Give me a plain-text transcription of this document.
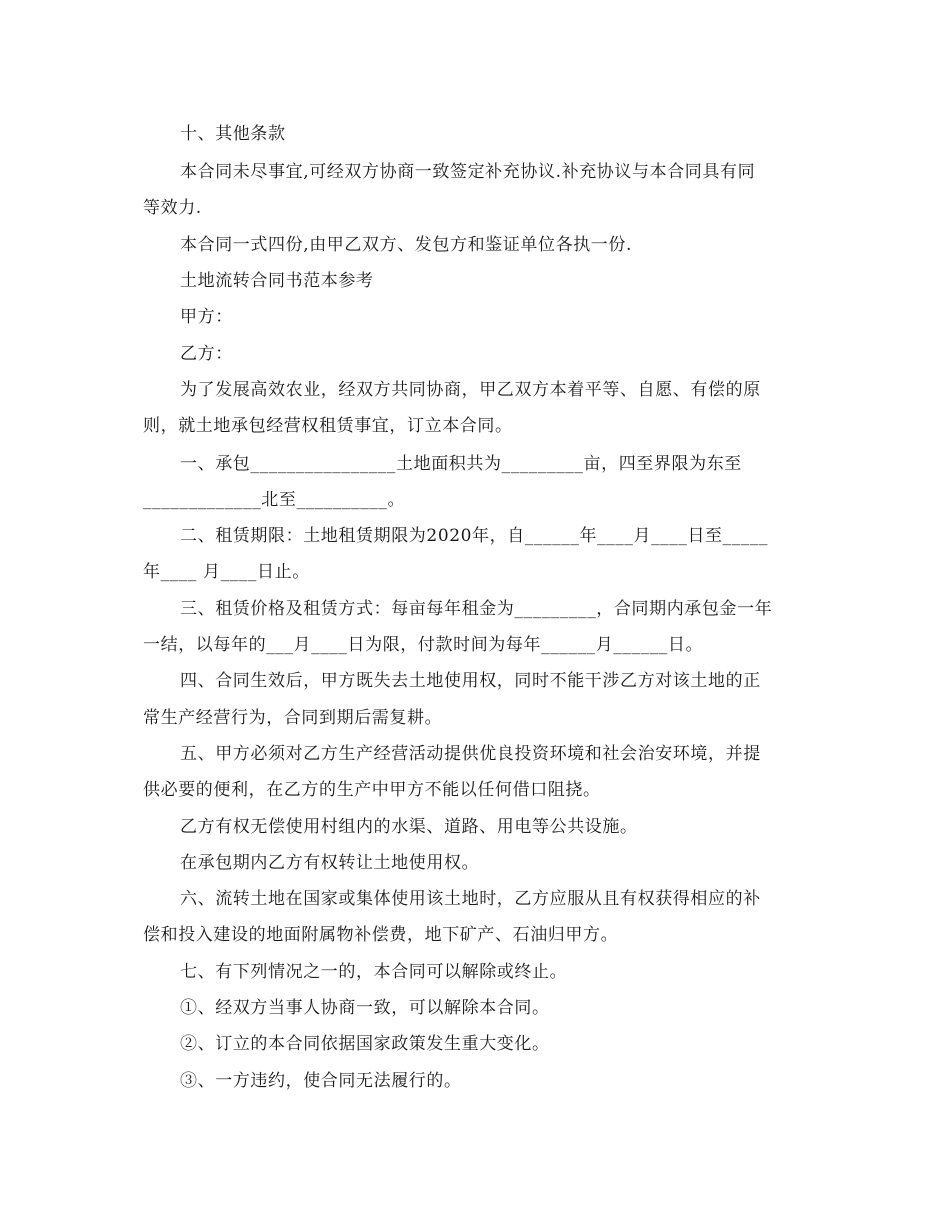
十、其他条款
本合同未尽事宜,可经双方协商一致签定补充协议.补充协议与本合同具有同
等效力.
本合同一式四份,由甲乙双方、发包方和鉴证单位各执一份.
土地流转合同书范本参考
甲方：
乙方：
为了发展高效农业，经双方共同协商，甲乙双方本着平等、自愿、有偿的原
则，就土地承包经营权租赁事宜，订立本合同。
一、承包________________土地面积共为_________亩，四至界限为东至
_____________北至__________。
二、租赁期限：土地租赁期限为2020年，自______年____月____日至_____
年____ 月____日止。
三、租赁价格及租赁方式：每亩每年租金为_________，合同期内承包金一年
一结，以每年的___月____日为限，付款时间为每年______月______日。
四、合同生效后，甲方既失去土地使用权，同时不能干涉乙方对该土地的正
常生产经营行为，合同到期后需复耕。
五、甲方必须对乙方生产经营活动提供优良投资环境和社会治安环境，并提
供必要的便利，在乙方的生产中甲方不能以任何借口阻挠。
乙方有权无偿使用村组内的水渠、道路、用电等公共设施。
在承包期内乙方有权转让土地使用权。
六、流转土地在国家或集体使用该土地时，乙方应服从且有权获得相应的补
偿和投入建设的地面附属物补偿费，地下矿产、石油归甲方。
七、有下列情况之一的，本合同可以解除或终止。
①、经双方当事人协商一致，可以解除本合同。
②、订立的本合同依据国家政策发生重大变化。
③、一方违约，使合同无法履行的。
